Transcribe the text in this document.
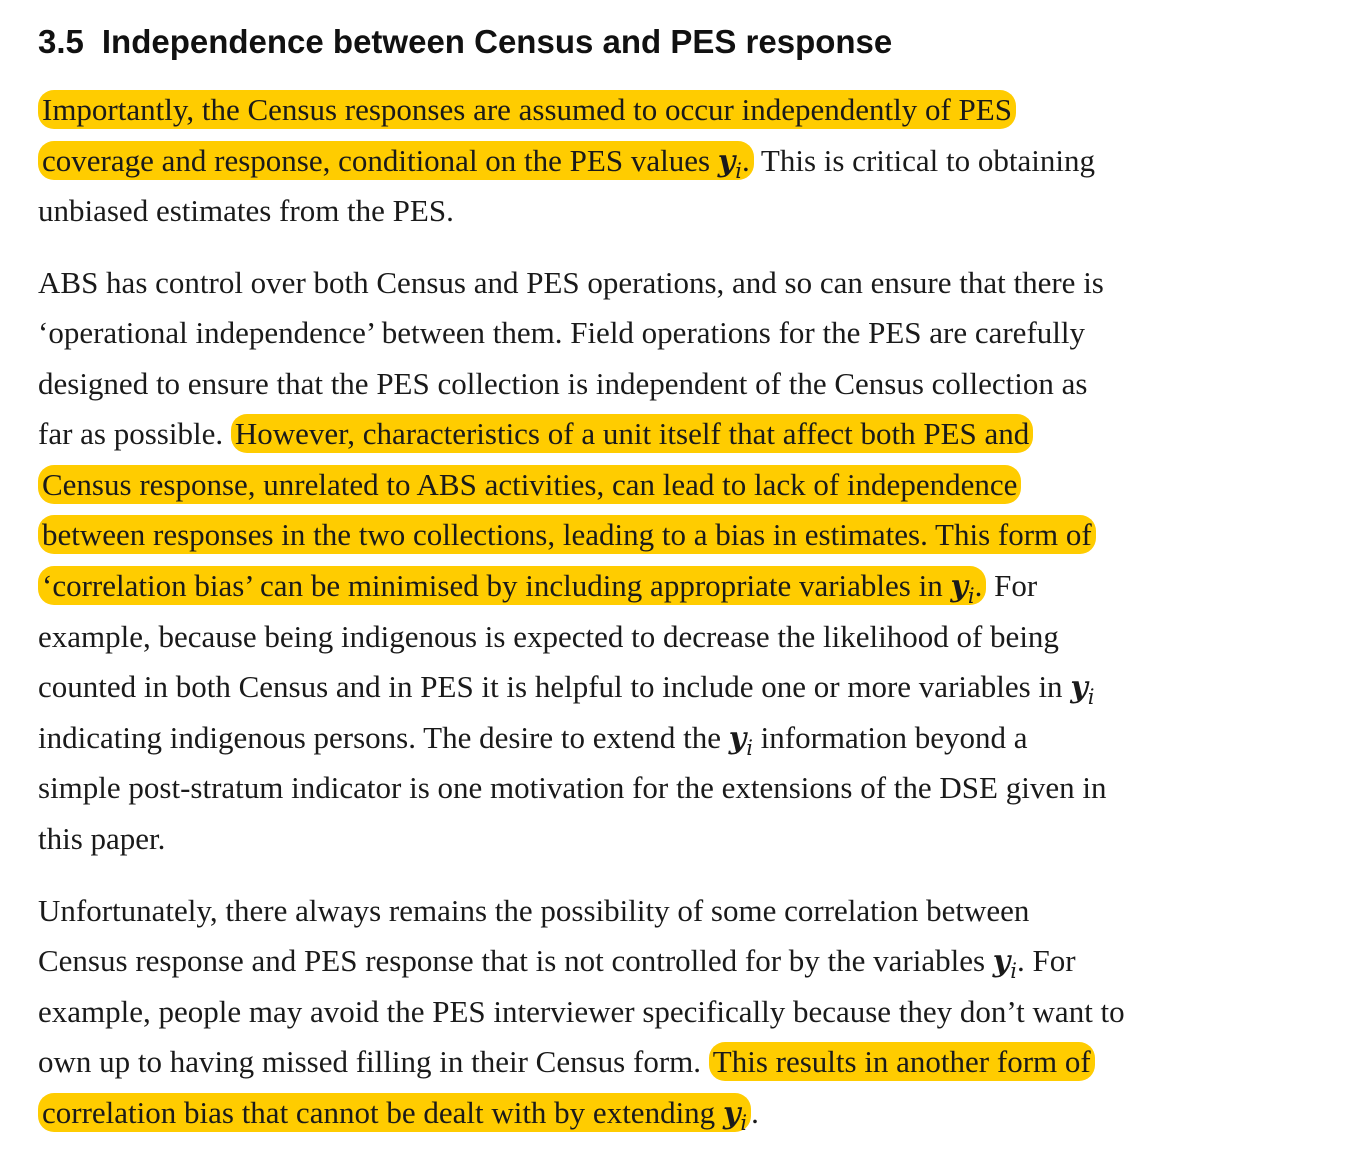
3.5 Independence between Census and PES response
Importantly, the Census responses are assumed to occur independently of PES
coverage and response, conditional on the PES values $y_i$. This is critical to obtaining
unbiased estimates from the PES.
ABS has control over both Census and PES operations, and so can ensure that there is
‘operational independence’ between them. Field operations for the PES are carefully
designed to ensure that the PES collection is independent of the Census collection as
far as possible. However, characteristics of a unit itself that affect both PES and
Census response, unrelated to ABS activities, can lead to lack of independence
between responses in the two collections, leading to a bias in estimates. This form of
‘correlation bias’ can be minimised by including appropriate variables in $y_i$. For
example, because being indigenous is expected to decrease the likelihood of being
counted in both Census and in PES it is helpful to include one or more variables in $y_i$
indicating indigenous persons. The desire to extend the $y_i$ information beyond a
simple post-stratum indicator is one motivation for the extensions of the DSE given in
this paper.
Unfortunately, there always remains the possibility of some correlation between
Census response and PES response that is not controlled for by the variables $y_i$. For
example, people may avoid the PES interviewer specifically because they don’t want to
own up to having missed filling in their Census form. This results in another form of
correlation bias that cannot be dealt with by extending $y_i$ .
